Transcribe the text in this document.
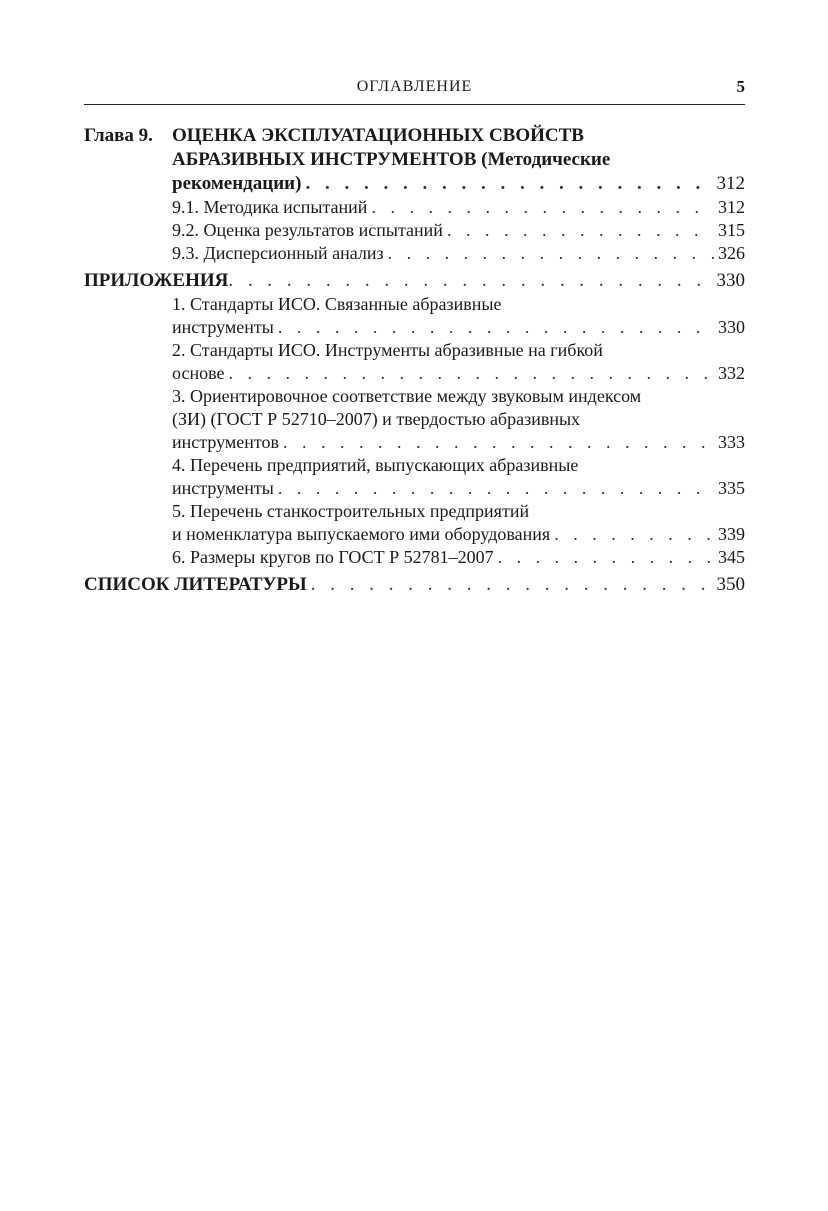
ОГЛАВЛЕНИЕ	5
Глава 9. ОЦЕНКА ЭКСПЛУАТАЦИОННЫХ СВОЙСТВ
АБРАЗИВНЫХ ИНСТРУМЕНТОВ (Методические
рекомендации) . . .	312
9.1. Методика испытаний . . .	312
9.2. Оценка результатов испытаний . . .	315
9.3. Дисперсионный анализ . . .	326
ПРИЛОЖЕНИЯ . . .	330
1. Стандарты ИСО. Связанные абразивные
инструменты . . .	330
2. Стандарты ИСО. Инструменты абразивные на гибкой
основе . . .	332
3. Ориентировочное соответствие между звуковым индексом
(ЗИ) (ГОСТ Р 52710–2007) и твердостью абразивных
инструментов . . .	333
4. Перечень предприятий, выпускающих абразивные
инструменты . . .	335
5. Перечень станкостроительных предприятий
и номенклатура выпускаемого ими оборудования . . .	339
6. Размеры кругов по ГОСТ Р 52781–2007 . . .	345
СПИСОК ЛИТЕРАТУРЫ . . .	350
